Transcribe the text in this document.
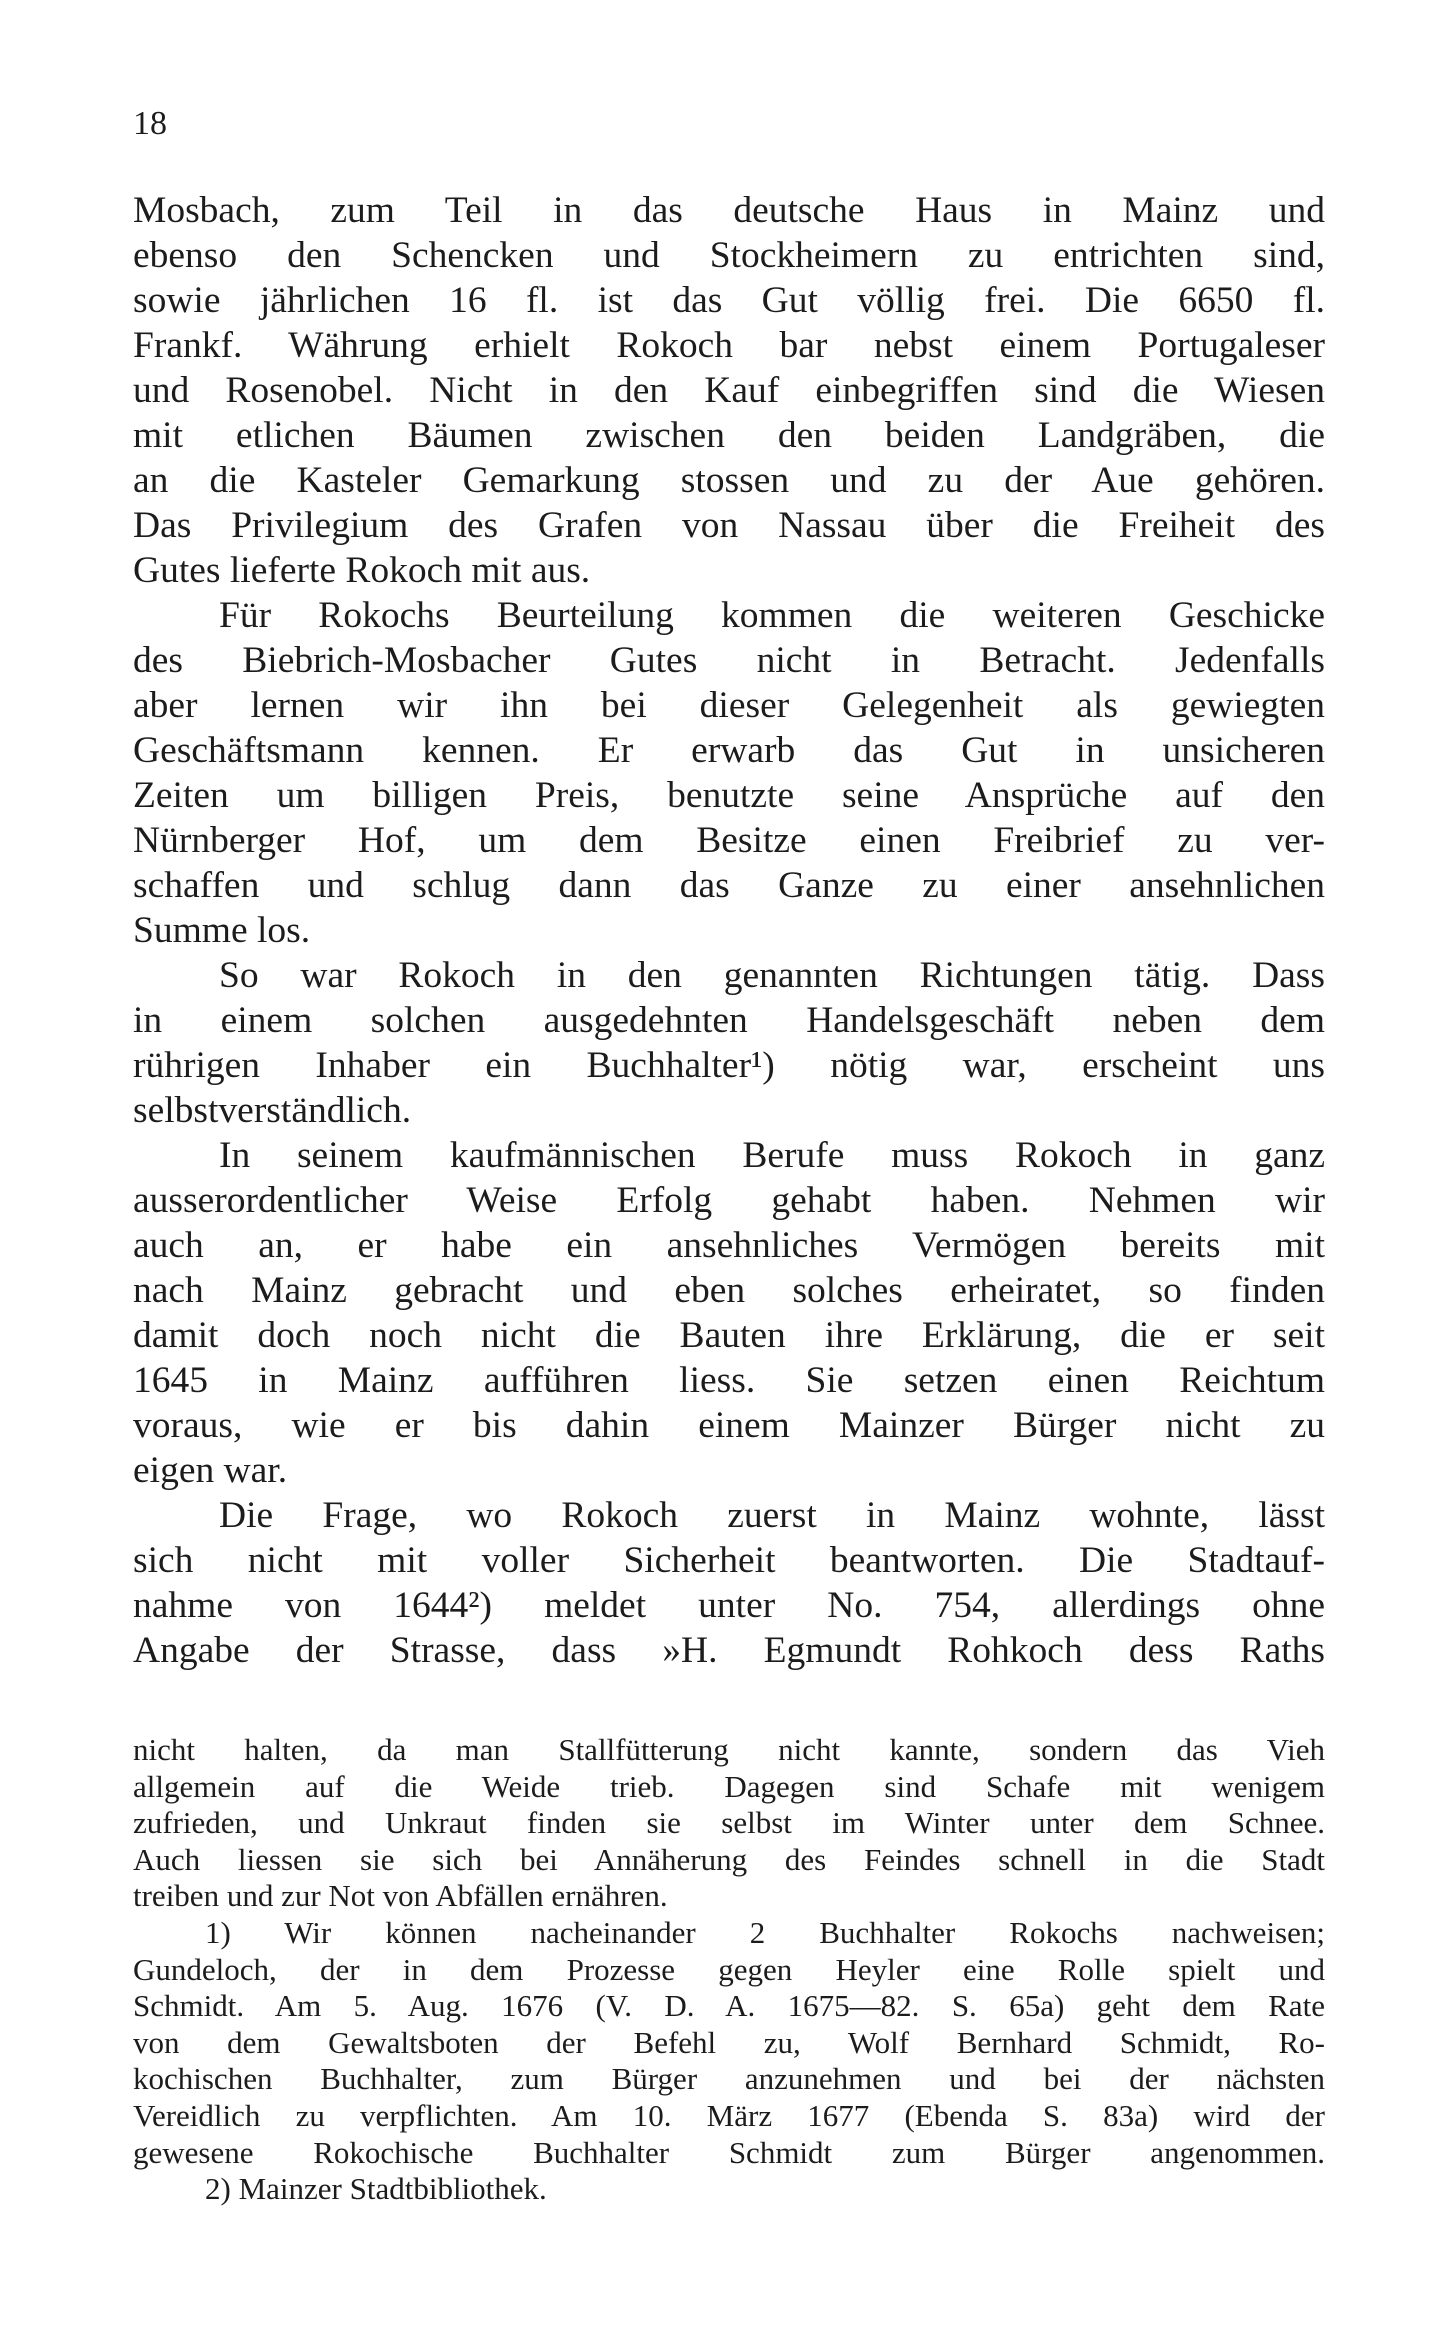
18
Mosbach, zum Teil in das deutsche Haus in Mainz und
ebenso den Schencken und Stockheimern zu entrichten sind,
sowie jährlichen 16 fl. ist das Gut völlig frei. Die 6650 fl.
Frankf. Währung erhielt Rokoch bar nebst einem Portugaleser
und Rosenobel. Nicht in den Kauf einbegriffen sind die Wiesen
mit etlichen Bäumen zwischen den beiden Landgräben, die
an die Kasteler Gemarkung stossen und zu der Aue gehören.
Das Privilegium des Grafen von Nassau über die Freiheit des
Gutes lieferte Rokoch mit aus.
Für Rokochs Beurteilung kommen die weiteren Geschicke
des Biebrich-Mosbacher Gutes nicht in Betracht. Jedenfalls
aber lernen wir ihn bei dieser Gelegenheit als gewiegten
Geschäftsmann kennen. Er erwarb das Gut in unsicheren
Zeiten um billigen Preis, benutzte seine Ansprüche auf den
Nürnberger Hof, um dem Besitze einen Freibrief zu ver-
schaffen und schlug dann das Ganze zu einer ansehnlichen
Summe los.
So war Rokoch in den genannten Richtungen tätig. Dass
in einem solchen ausgedehnten Handelsgeschäft neben dem
rührigen Inhaber ein Buchhalter¹) nötig war, erscheint uns
selbstverständlich.
In seinem kaufmännischen Berufe muss Rokoch in ganz
ausserordentlicher Weise Erfolg gehabt haben. Nehmen wir
auch an, er habe ein ansehnliches Vermögen bereits mit
nach Mainz gebracht und eben solches erheiratet, so finden
damit doch noch nicht die Bauten ihre Erklärung, die er seit
1645 in Mainz aufführen liess. Sie setzen einen Reichtum
voraus, wie er bis dahin einem Mainzer Bürger nicht zu
eigen war.
Die Frage, wo Rokoch zuerst in Mainz wohnte, lässt
sich nicht mit voller Sicherheit beantworten. Die Stadtauf-
nahme von 1644²) meldet unter No. 754, allerdings ohne
Angabe der Strasse, dass »H. Egmundt Rohkoch dess Raths
nicht halten, da man Stallfütterung nicht kannte, sondern das Vieh
allgemein auf die Weide trieb. Dagegen sind Schafe mit wenigem
zufrieden, und Unkraut finden sie selbst im Winter unter dem Schnee.
Auch liessen sie sich bei Annäherung des Feindes schnell in die Stadt
treiben und zur Not von Abfällen ernähren.
1) Wir können nacheinander 2 Buchhalter Rokochs nachweisen;
Gundeloch, der in dem Prozesse gegen Heyler eine Rolle spielt und
Schmidt. Am 5. Aug. 1676 (V. D. A. 1675—82. S. 65a) geht dem Rate
von dem Gewaltsboten der Befehl zu, Wolf Bernhard Schmidt, Ro-
kochischen Buchhalter, zum Bürger anzunehmen und bei der nächsten
Vereidlich zu verpflichten. Am 10. März 1677 (Ebenda S. 83a) wird der
gewesene Rokochische Buchhalter Schmidt zum Bürger angenommen.
2) Mainzer Stadtbibliothek.
